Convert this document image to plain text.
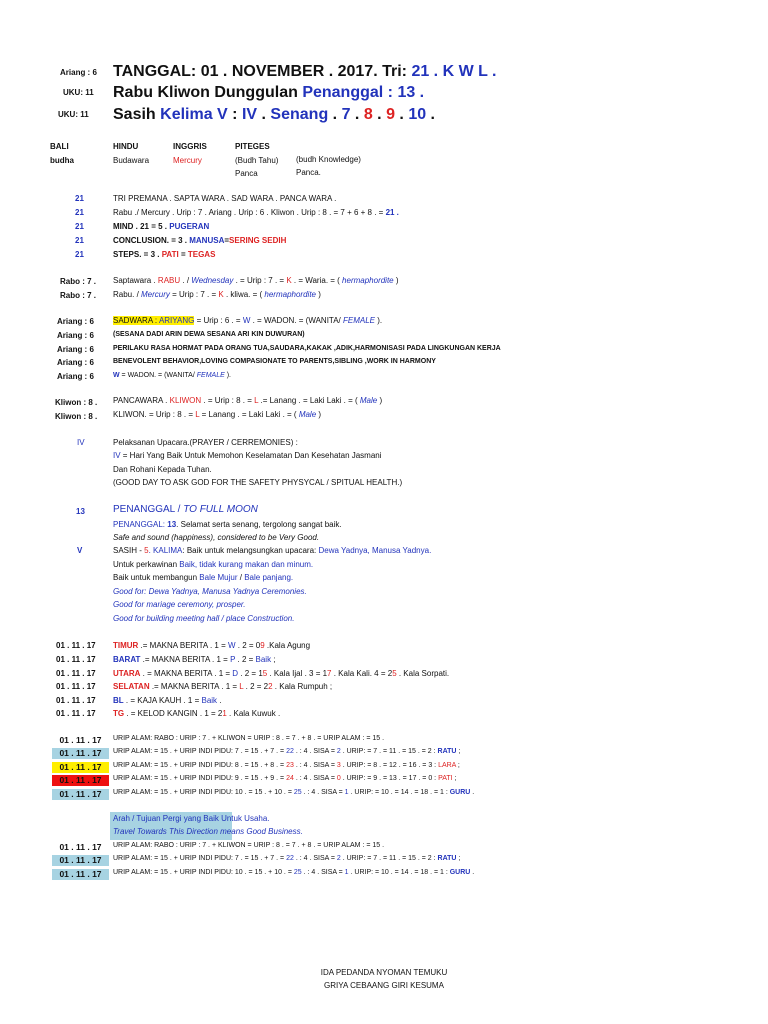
Ariang : 6
UKU: 11
UKU: 11
TANGGAL: 01 . NOVEMBER . 2017. Tri: 21 . K W L .
Rabu Kliwon Dunggulan Penanggal : 13 .
Sasih Kelima V : IV . Senang . 7 . 8 . 9 . 10 .
BALI
budha
HINDU
Budawara
INGGRIS
Mercury
PITEGES
(Budh Tahu)
Panca
(budh Knowledge)
Panca.
21
21
21
21
21
TRI PREMANA . SAPTA WARA . SAD WARA . PANCA WARA .
Rabu ./ Mercury . Urip : 7 . Ariang . Urip : 6 . Kliwon . Urip : 8 . = 7 + 6 + 8 . = 21 .
MIND . 21 = 5 . PUGERAN
CONCLUSION. = 3 . MANUSA=SERING SEDIH
STEPS. = 3 . PATI = TEGAS
Rabo : 7 .
Rabo : 7 .
Saptawara . RABU . / Wednesday . = Urip : 7 . = K . = Waria. = ( hermaphordite )
Rabu. / Mercury = Urip : 7 . = K . kliwa. = ( hermaphordite )
Ariang : 6
Ariang : 6
Ariang : 6
Ariang : 6
Ariang : 6
SADWARA : ARIYANG = Urip : 6 . = W . = WADON. = (WANITA/ FEMALE ).
(SESANA DADI ARIN DEWA SESANA ARI KIN DUWURAN)
PERILAKU RASA HORMAT PADA ORANG TUA,SAUDARA,KAKAK ,ADIK,HARMONISASI PADA LINGKUNGAN KERJA
BENEVOLENT BEHAVIOR,LOVING COMPASIONATE TO PARENTS,SIBLING ,WORK IN HARMONY
W = WADON. = (WANITA/ FEMALE ).
Kliwon : 8 .
Kliwon : 8 .
PANCAWARA . KLIWON . = Urip : 8 . = L .= Lanang . = Laki Laki . = ( Male )
KLIWON. = Urip : 8 . = L = Lanang . = Laki Laki . = ( Male )
IV	Pelaksanan Upacara.(PRAYER / CERREMONIES) :
IV = Hari Yang Baik Untuk Memohon Keselamatan Dan Kesehatan Jasmani
Dan Rohani Kepada Tuhan.
(GOOD DAY TO ASK GOD FOR THE SAFETY PHYSYCAL / SPITUAL HEALTH.)
13
V
PENANGGAL / TO FULL MOON
PENANGGAL: 13. Selamat serta senang, tergolong sangat baik.
Safe and sound (happiness), considered to be Very Good.
SASIH - 5. KALIMA: Baik untuk melangsungkan upacara: Dewa Yadnya, Manusa Yadnya.
Untuk perkawinan Baik, tidak kurang makan dan minum.
Baik untuk membangun Bale Mujur / Bale panjang.
Good for: Dewa Yadnya, Manusa Yadnya Ceremonies.
Good for mariage ceremony, prosper.
Good for building meeting hall / place Construction.
01 . 11 . 17
01 . 11 . 17
01 . 11 . 17
01 . 11 . 17
01 . 11 . 17
01 . 11 . 17
TIMUR .= MAKNA BERITA . 1 = W . 2 = 09 .Kala Agung
BARAT .= MAKNA BERITA . 1 = P . 2 = Baik ;
UTARA . = MAKNA BERITA . 1 = D . 2 = 15 . Kala Ijal . 3 = 17 . Kala Kali. 4 = 25 . Kala Sorpati.
SELATAN .= MAKNA BERITA . 1 = L . 2 = 22 . Kala Rumpuh ;
BL . = KAJA KAUH . 1 = Baik .
TG . = KELOD KANGIN . 1 = 21 . Kala Kuwuk .
01 . 11 . 17
01 . 11 . 17
01 . 11 . 17
01 . 11 . 17
01 . 11 . 17
URIP ALAM: RABO : URIP : 7 . + KLIWON = URIP : 8 . = 7 . + 8 . = URIP ALAM : = 15 .
URIP ALAM: = 15 . + URIP INDI PIDU: 7 . = 15 . + 7 . = 22 . : 4 . SISA = 2 . URIP: = 7 . = 11 . = 15 . = 2 : RATU ;
URIP ALAM: = 15 . + URIP INDI PIDU: 8 . = 15 . + 8 . = 23 . : 4 . SISA = 3 . URIP: = 8 . = 12 . = 16 . = 3 : LARA ;
URIP ALAM: = 15 . + URIP INDI PIDU: 9 . = 15 . + 9 . = 24 . : 4 . SISA = 0 . URIP: = 9 . = 13 . = 17 . = 0 : PATI ;
URIP ALAM: = 15 . + URIP INDI PIDU: 10 . = 15 . + 10 . = 25 . : 4 . SISA = 1 . URIP: = 10 . = 14 . = 18 . = 1 : GURU .
Arah / Tujuan Pergi yang Baik Untuk Usaha.
Travel Towards This Direction means Good Business.
01 . 11 . 17
01 . 11 . 17
01 . 11 . 17
URIP ALAM: RABO : URIP : 7 . + KLIWON = URIP : 8 . = 7 . + 8 . = URIP ALAM : = 15 .
URIP ALAM: = 15 . + URIP INDI PIDU: 7 . = 15 . + 7 . = 22 . : 4 . SISA = 2 . URIP: = 7 . = 11 . = 15 . = 2 : RATU ;
URIP ALAM: = 15 . + URIP INDI PIDU: 10 . = 15 . + 10 . = 25 . : 4 . SISA = 1 . URIP: = 10 . = 14 . = 18 . = 1 : GURU .
IDA PEDANDA NYOMAN TEMUKU
GRIYA CEBAANG GIRI KESUMA
